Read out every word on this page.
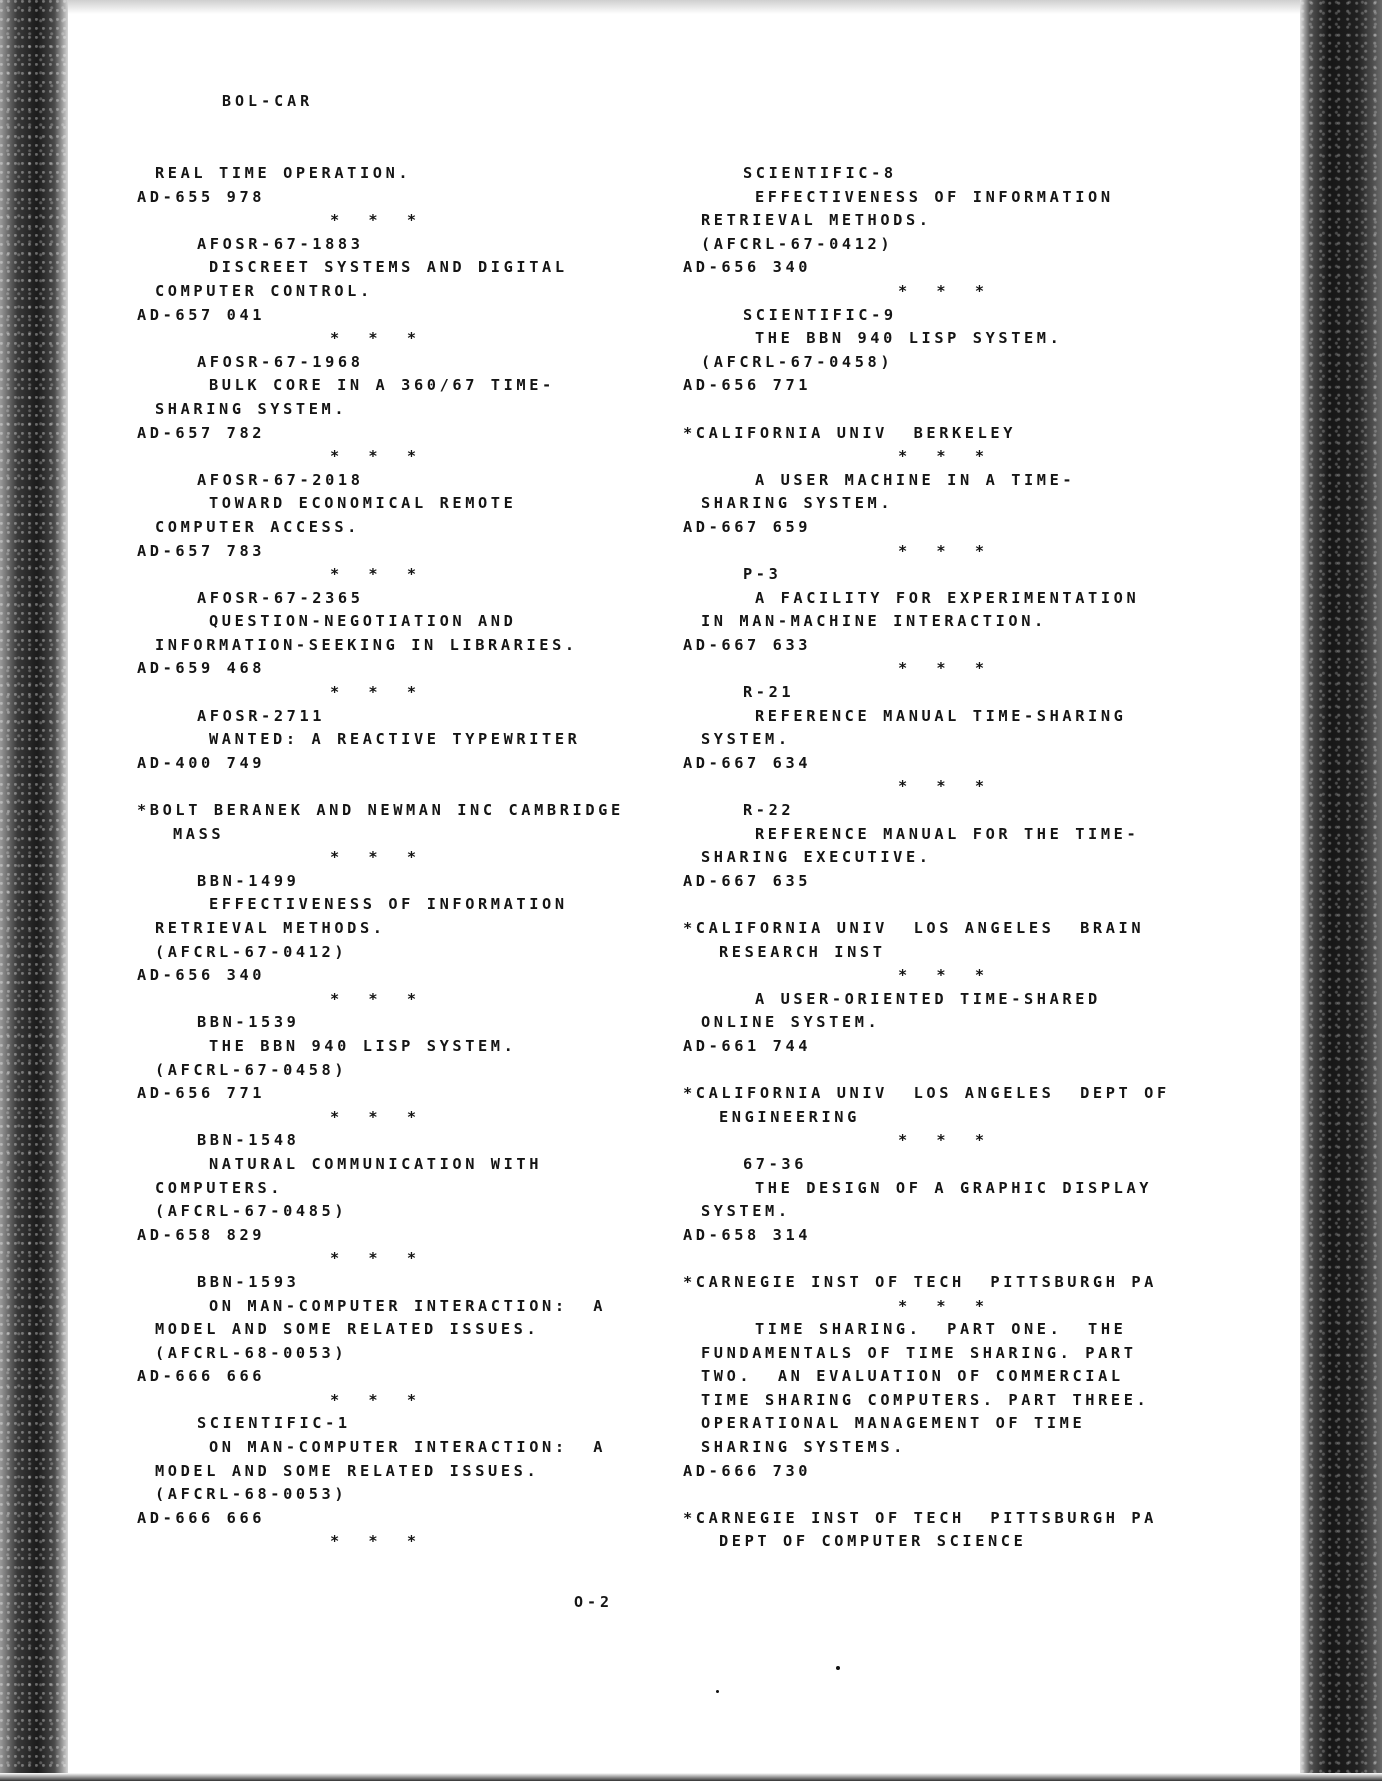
BOL-CAR
REAL TIME OPERATION.
AD-655 978
* * *
AFOSR-67-1883
DISCREET SYSTEMS AND DIGITAL
COMPUTER CONTROL.
AD-657 041
* * *
AFOSR-67-1968
BULK CORE IN A 360/67 TIME-
SHARING SYSTEM.
AD-657 782
* * *
AFOSR-67-2018
TOWARD ECONOMICAL REMOTE
COMPUTER ACCESS.
AD-657 783
* * *
AFOSR-67-2365
QUESTION-NEGOTIATION AND
INFORMATION-SEEKING IN LIBRARIES.
AD-659 468
* * *
AFOSR-2711
WANTED: A REACTIVE TYPEWRITER
AD-400 749
*BOLT BERANEK AND NEWMAN INC CAMBRIDGE
MASS
* * *
BBN-1499
EFFECTIVENESS OF INFORMATION
RETRIEVAL METHODS.
(AFCRL-67-0412)
AD-656 340
* * *
BBN-1539
THE BBN 940 LISP SYSTEM.
(AFCRL-67-0458)
AD-656 771
* * *
BBN-1548
NATURAL COMMUNICATION WITH
COMPUTERS.
(AFCRL-67-0485)
AD-658 829
* * *
BBN-1593
ON MAN-COMPUTER INTERACTION:  A
MODEL AND SOME RELATED ISSUES.
(AFCRL-68-0053)
AD-666 666
* * *
SCIENTIFIC-1
ON MAN-COMPUTER INTERACTION:  A
MODEL AND SOME RELATED ISSUES.
(AFCRL-68-0053)
AD-666 666
* * *
SCIENTIFIC-8
EFFECTIVENESS OF INFORMATION
RETRIEVAL METHODS.
(AFCRL-67-0412)
AD-656 340
* * *
SCIENTIFIC-9
THE BBN 940 LISP SYSTEM.
(AFCRL-67-0458)
AD-656 771
*CALIFORNIA UNIV  BERKELEY
* * *
A USER MACHINE IN A TIME-
SHARING SYSTEM.
AD-667 659
* * *
P-3
A FACILITY FOR EXPERIMENTATION
IN MAN-MACHINE INTERACTION.
AD-667 633
* * *
R-21
REFERENCE MANUAL TIME-SHARING
SYSTEM.
AD-667 634
* * *
R-22
REFERENCE MANUAL FOR THE TIME-
SHARING EXECUTIVE.
AD-667 635
*CALIFORNIA UNIV  LOS ANGELES  BRAIN
RESEARCH INST
* * *
A USER-ORIENTED TIME-SHARED
ONLINE SYSTEM.
AD-661 744
*CALIFORNIA UNIV  LOS ANGELES  DEPT OF
ENGINEERING
* * *
67-36
THE DESIGN OF A GRAPHIC DISPLAY
SYSTEM.
AD-658 314
*CARNEGIE INST OF TECH  PITTSBURGH PA
* * *
TIME SHARING.  PART ONE.  THE
FUNDAMENTALS OF TIME SHARING. PART
TWO.  AN EVALUATION OF COMMERCIAL
TIME SHARING COMPUTERS. PART THREE.
OPERATIONAL MANAGEMENT OF TIME
SHARING SYSTEMS.
AD-666 730
*CARNEGIE INST OF TECH  PITTSBURGH PA
DEPT OF COMPUTER SCIENCE
O-2
